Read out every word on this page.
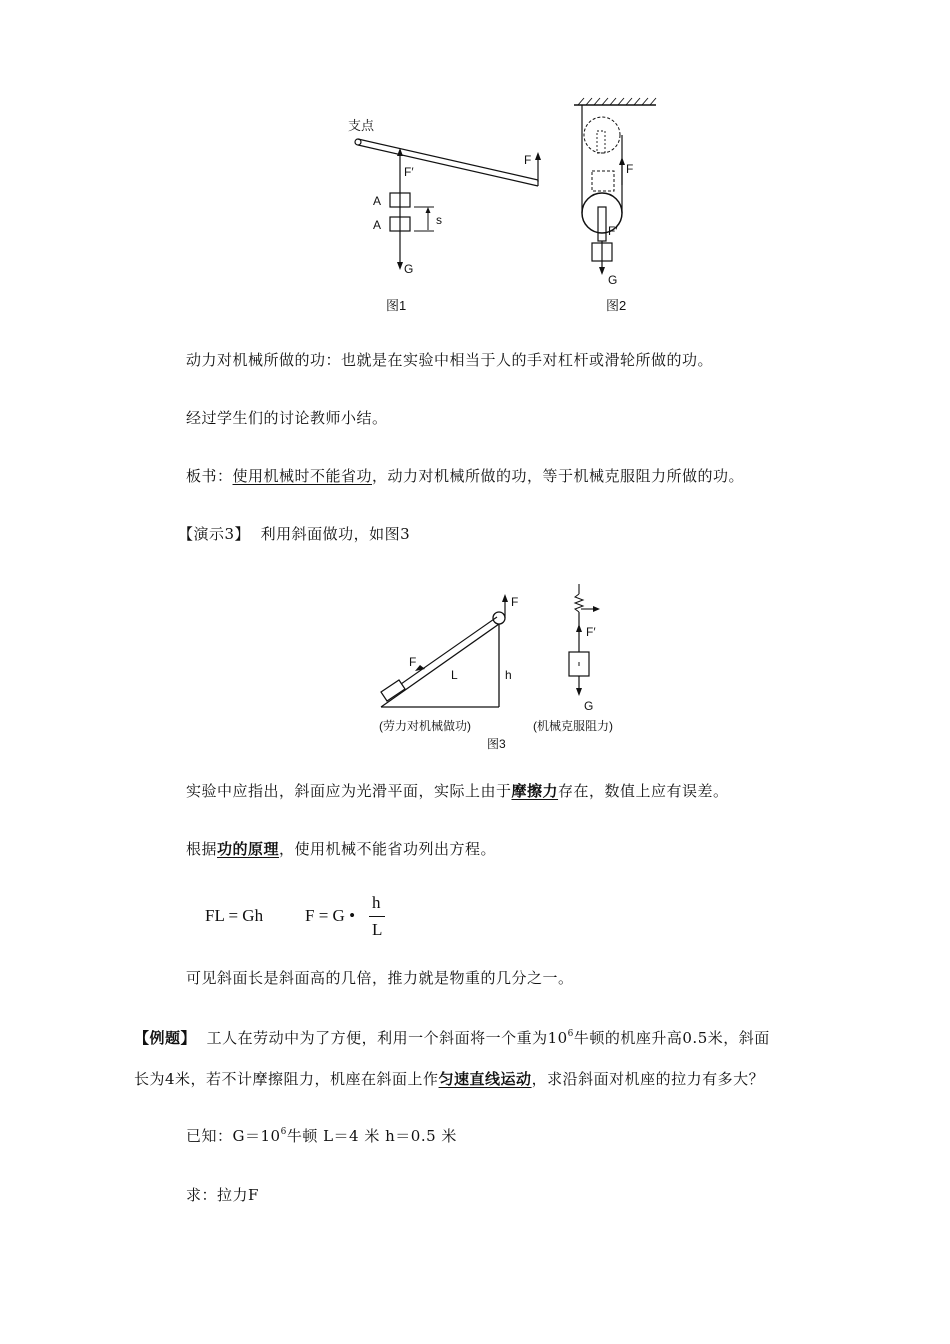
支点
F
F′
A
A	s
G
图1
F
F′
G
图2
动力对机械所做的功：也就是在实验中相当于人的手对杠杆或滑轮所做的功。
经过学生们的讨论教师小结。
板书：使用机械时不能省功，动力对机械所做的功，等于机械克服阻力所做的功。
【演示3】 利用斜面做功，如图3
F
F
L	h
(劳力对机械做功)
F′
G
(机械克服阻力)
图3
实验中应指出，斜面应为光滑平面，实际上由于摩擦力存在，数值上应有误差。
根据功的原理，使用机械不能省功列出方程。
FL = Gh F = G •
h
L
可见斜面长是斜面高的几倍，推力就是物重的几分之一。
【例题】 工人在劳动中为了方便，利用一个斜面将一个重为$10^6$牛顿的机座升高0.5米，斜面
长为4米，若不计摩擦阻力，机座在斜面上作匀速直线运动，求沿斜面对机座的拉力有多大？
已知：$G=10^6$牛顿 L＝4 米 h＝0.5 米
求：拉力F
